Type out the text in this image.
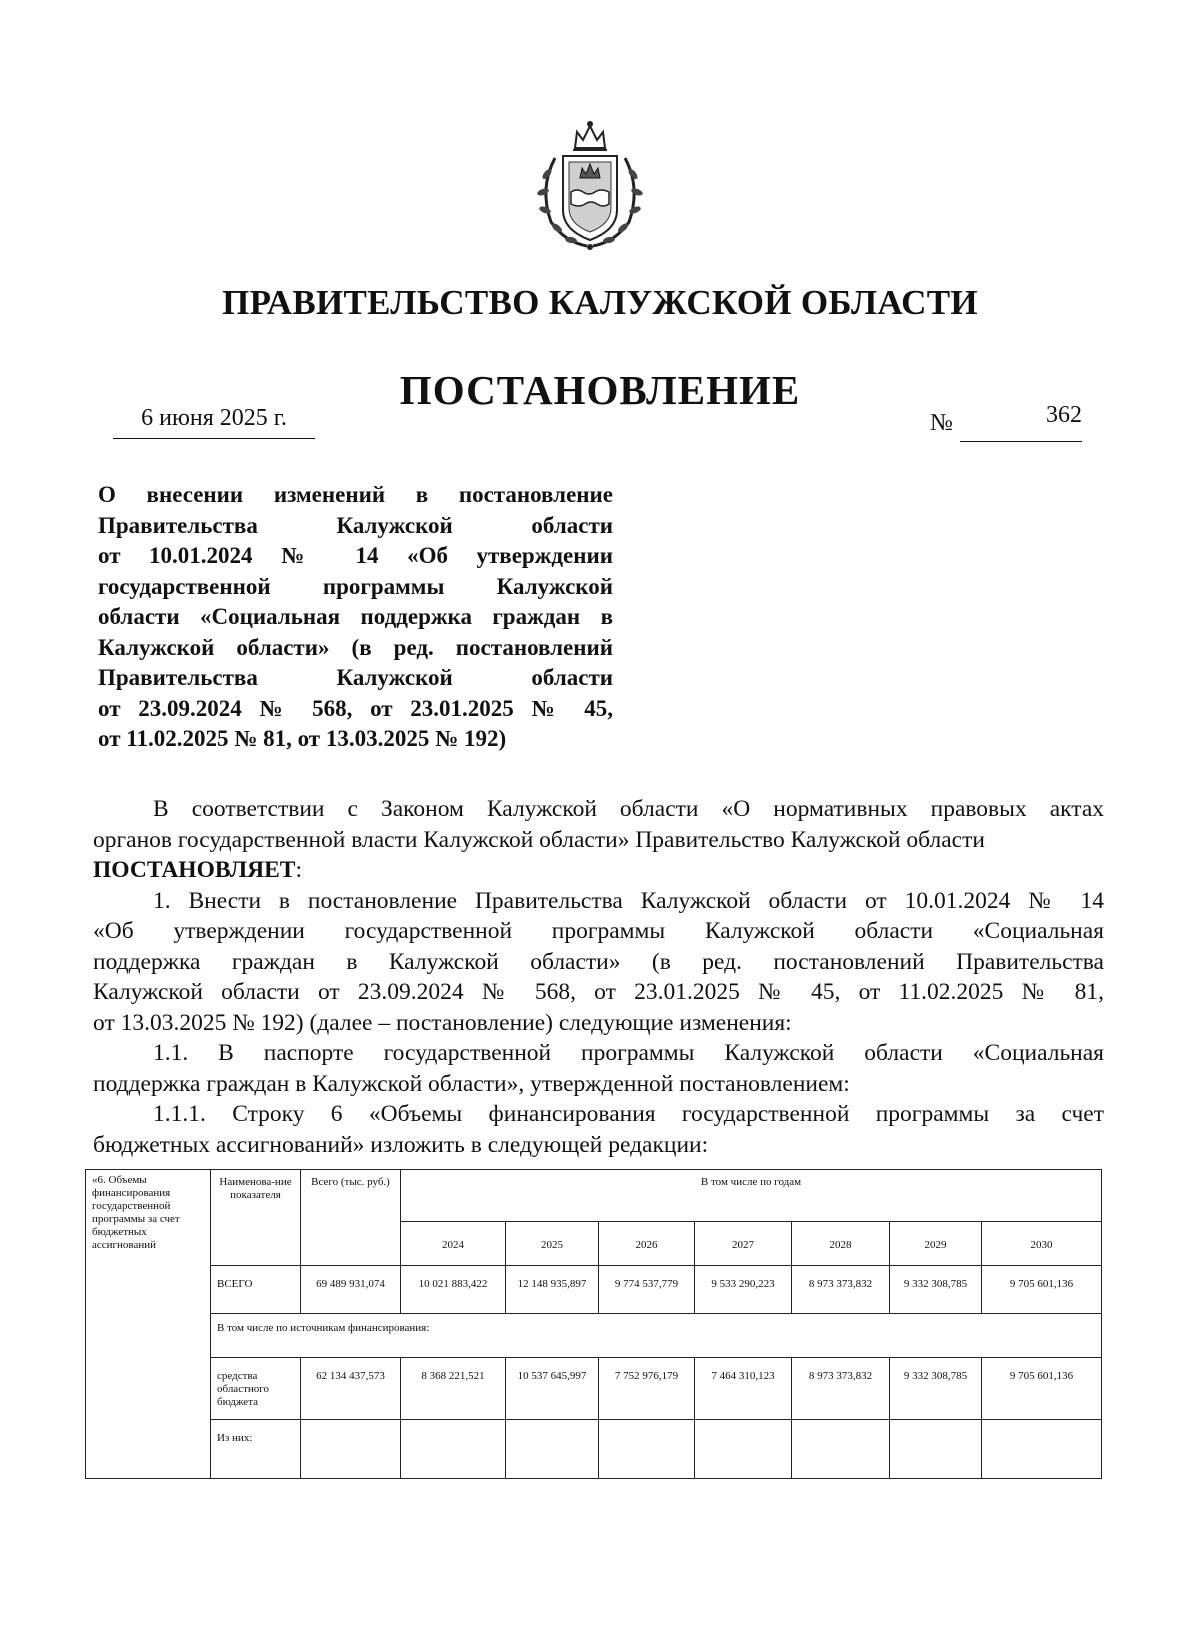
ПРАВИТЕЛЬСТВО КАЛУЖСКОЙ ОБЛАСТИ
ПОСТАНОВЛЕНИЕ
6 июня 2025 г.	№	362
О внесении изменений в постановление
Правительства Калужской области
от 10.01.2024 № 14 «Об утверждении
государственной программы Калужской
области «Социальная поддержка граждан в
Калужской области» (в ред. постановлений
Правительства Калужской области
от 23.09.2024 № 568, от 23.01.2025 № 45,
от 11.02.2025 № 81, от 13.03.2025 № 192)
В соответствии с Законом Калужской области «О нормативных правовых актах
органов государственной власти Калужской области» Правительство Калужской области
ПОСТАНОВЛЯЕТ:
1. Внести в постановление Правительства Калужской области от 10.01.2024 № 14
«Об утверждении государственной программы Калужской области «Социальная
поддержка граждан в Калужской области» (в ред. постановлений Правительства
Калужской области от 23.09.2024 № 568, от 23.01.2025 № 45, от 11.02.2025 № 81,
от 13.03.2025 № 192) (далее – постановление) следующие изменения:
1.1. В паспорте государственной программы Калужской области «Социальная
поддержка граждан в Калужской области», утвержденной постановлением:
1.1.1. Строку 6 «Объемы финансирования государственной программы за счет
бюджетных ассигнований» изложить в следующей редакции:
«6. Объемы финансирования государственной программы за счет бюджетных ассигнований	Наименова-ние показателя	Всего (тыс. руб.)	В том числе по годам						
			2024	2025	2026	2027	2028	2029	2030
	ВСЕГО	69 489 931,074	10 021 883,422	12 148 935,897	9 774 537,779	9 533 290,223	8 973 373,832	9 332 308,785	9 705 601,136
	В том числе по источникам финансирования:								
	средства областного бюджета	62 134 437,573	8 368 221,521	10 537 645,997	7 752 976,179	7 464 310,123	8 973 373,832	9 332 308,785	9 705 601,136
	Из них:								
